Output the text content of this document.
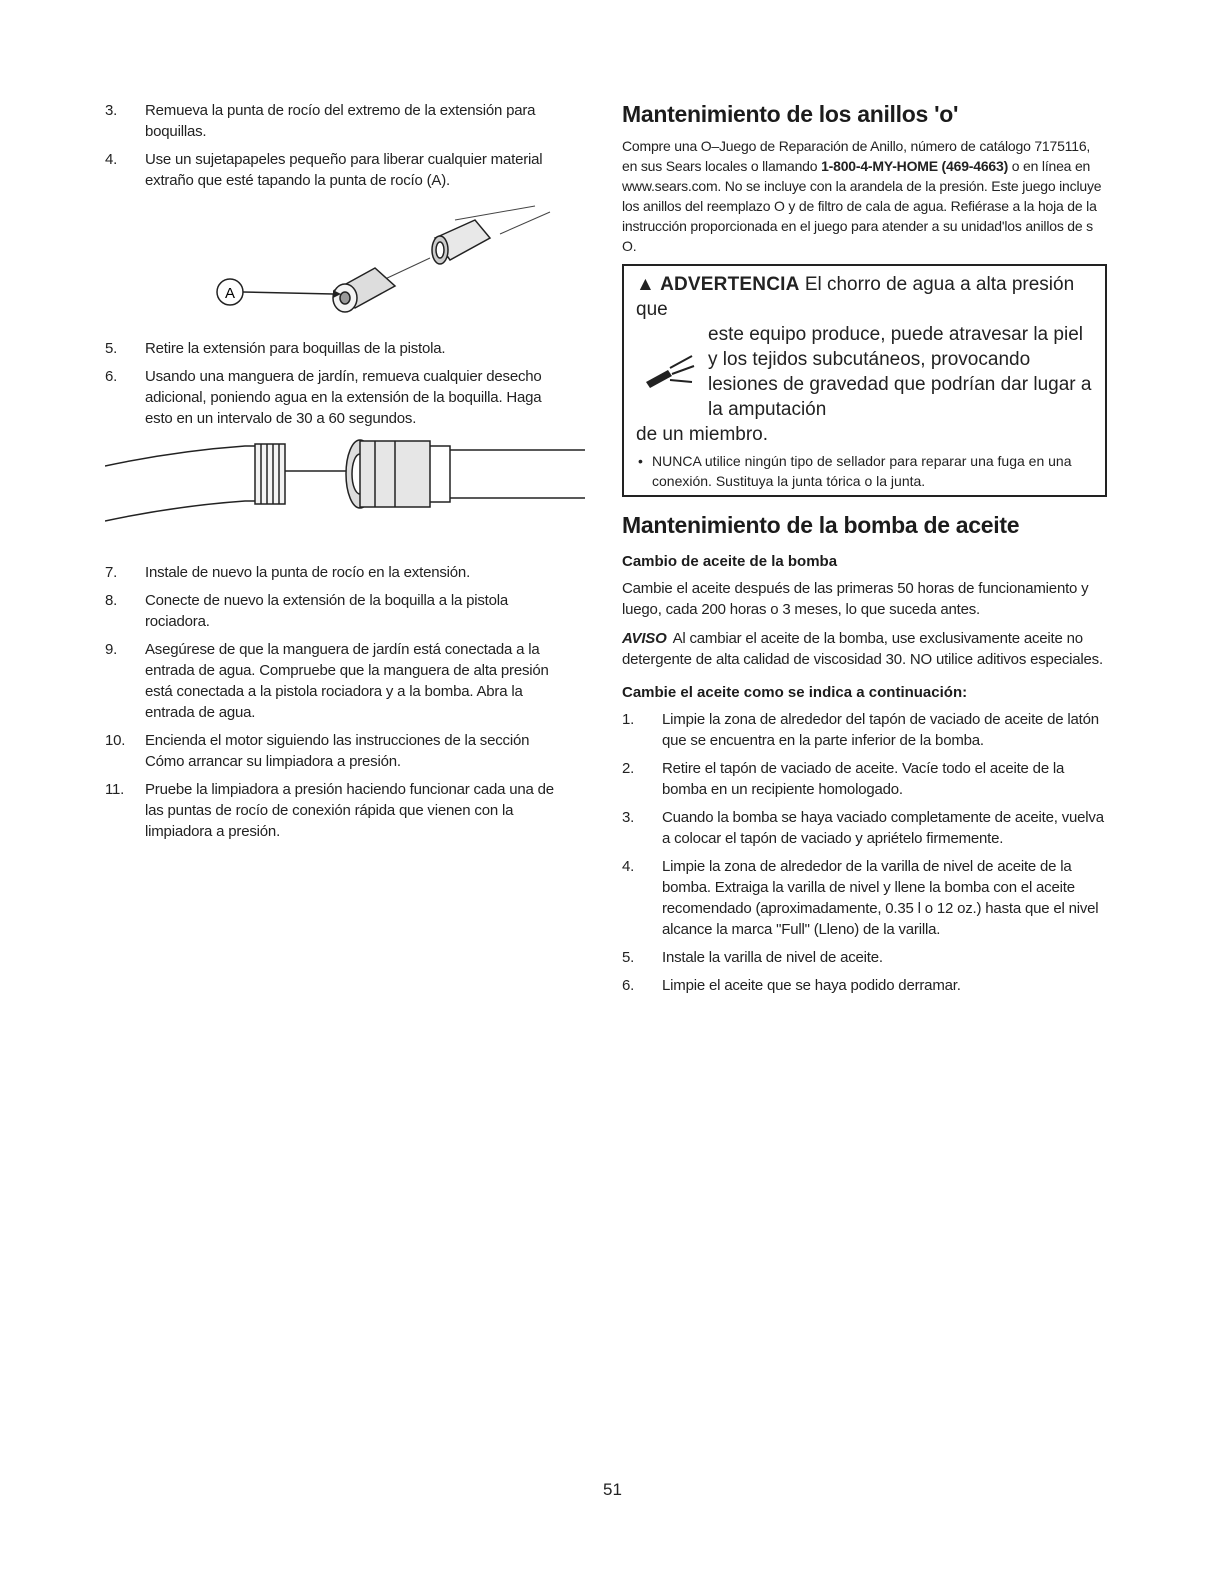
3. Remueva la punta de rocío del extremo de la extensión para boquillas.
4. Use un sujetapapeles pequeño para liberar cualquier material extraño que esté tapando la punta de rocío (A).
A
5. Retire la extensión para boquillas de la pistola.
6. Usando una manguera de jardín, remueva cualquier desecho adicional, poniendo agua en la extensión de la boquilla. Haga esto en un intervalo de 30 a 60 segundos.
7. Instale de nuevo la punta de rocío en la extensión.
8. Conecte de nuevo la extensión de la boquilla a la pistola rociadora.
9. Asegúrese de que la manguera de jardín está conectada a la entrada de agua. Compruebe que la manguera de alta presión está conectada a la pistola rociadora y a la bomba. Abra la entrada de agua.
10. Encienda el motor siguiendo las instrucciones de la sección Cómo arrancar su limpiadora a presión.
11. Pruebe la limpiadora a presión haciendo funcionar cada una de las puntas de rocío de conexión rápida que vienen con la limpiadora a presión.
Mantenimiento de los anillos 'o'

Compre una O–Juego de Reparación de Anillo, número de catálogo 7175116, en sus Sears locales o llamando 1-800-4-MY-HOME (469-4663) o en línea en www.sears.com. No se incluye con la arandela de la presión. Este juego incluye los anillos del reemplazo O y de filtro de cala de agua. Refiérase a la hoja de la instrucción proporcionada en el juego para atender a su unidad'los anillos de s O.

▲ ADVERTENCIA El chorro de agua a alta presión que
este equipo produce, puede atravesar la piel y los tejidos subcutáneos, provocando lesiones de gravedad que podrían dar lugar a la amputación
de un miembro.
• NUNCA utilice ningún tipo de sellador para reparar una fuga en una conexión. Sustituya la junta tórica o la junta.
Mantenimiento de la bomba de aceite
Cambio de aceite de la bomba

Cambie el aceite después de las primeras 50 horas de funcionamiento y luego, cada 200 horas o 3 meses, lo que suceda antes.

AVISO Al cambiar el aceite de la bomba, use exclusivamente aceite no detergente de alta calidad de viscosidad 30. NO utilice aditivos especiales.

Cambie el aceite como se indica a continuación:
1. Limpie la zona de alrededor del tapón de vaciado de aceite de latón que se encuentra en la parte inferior de la bomba.
2. Retire el tapón de vaciado de aceite. Vacíe todo el aceite de la bomba en un recipiente homologado.
3. Cuando la bomba se haya vaciado completamente de aceite, vuelva a colocar el tapón de vaciado y apriételo firmemente.
4. Limpie la zona de alrededor de la varilla de nivel de aceite de la bomba. Extraiga la varilla de nivel y llene la bomba con el aceite recomendado (aproximadamente, 0.35 l o 12 oz.) hasta que el nivel alcance la marca "Full" (Lleno) de la varilla.
5. Instale la varilla de nivel de aceite.
6. Limpie el aceite que se haya podido derramar.
51
